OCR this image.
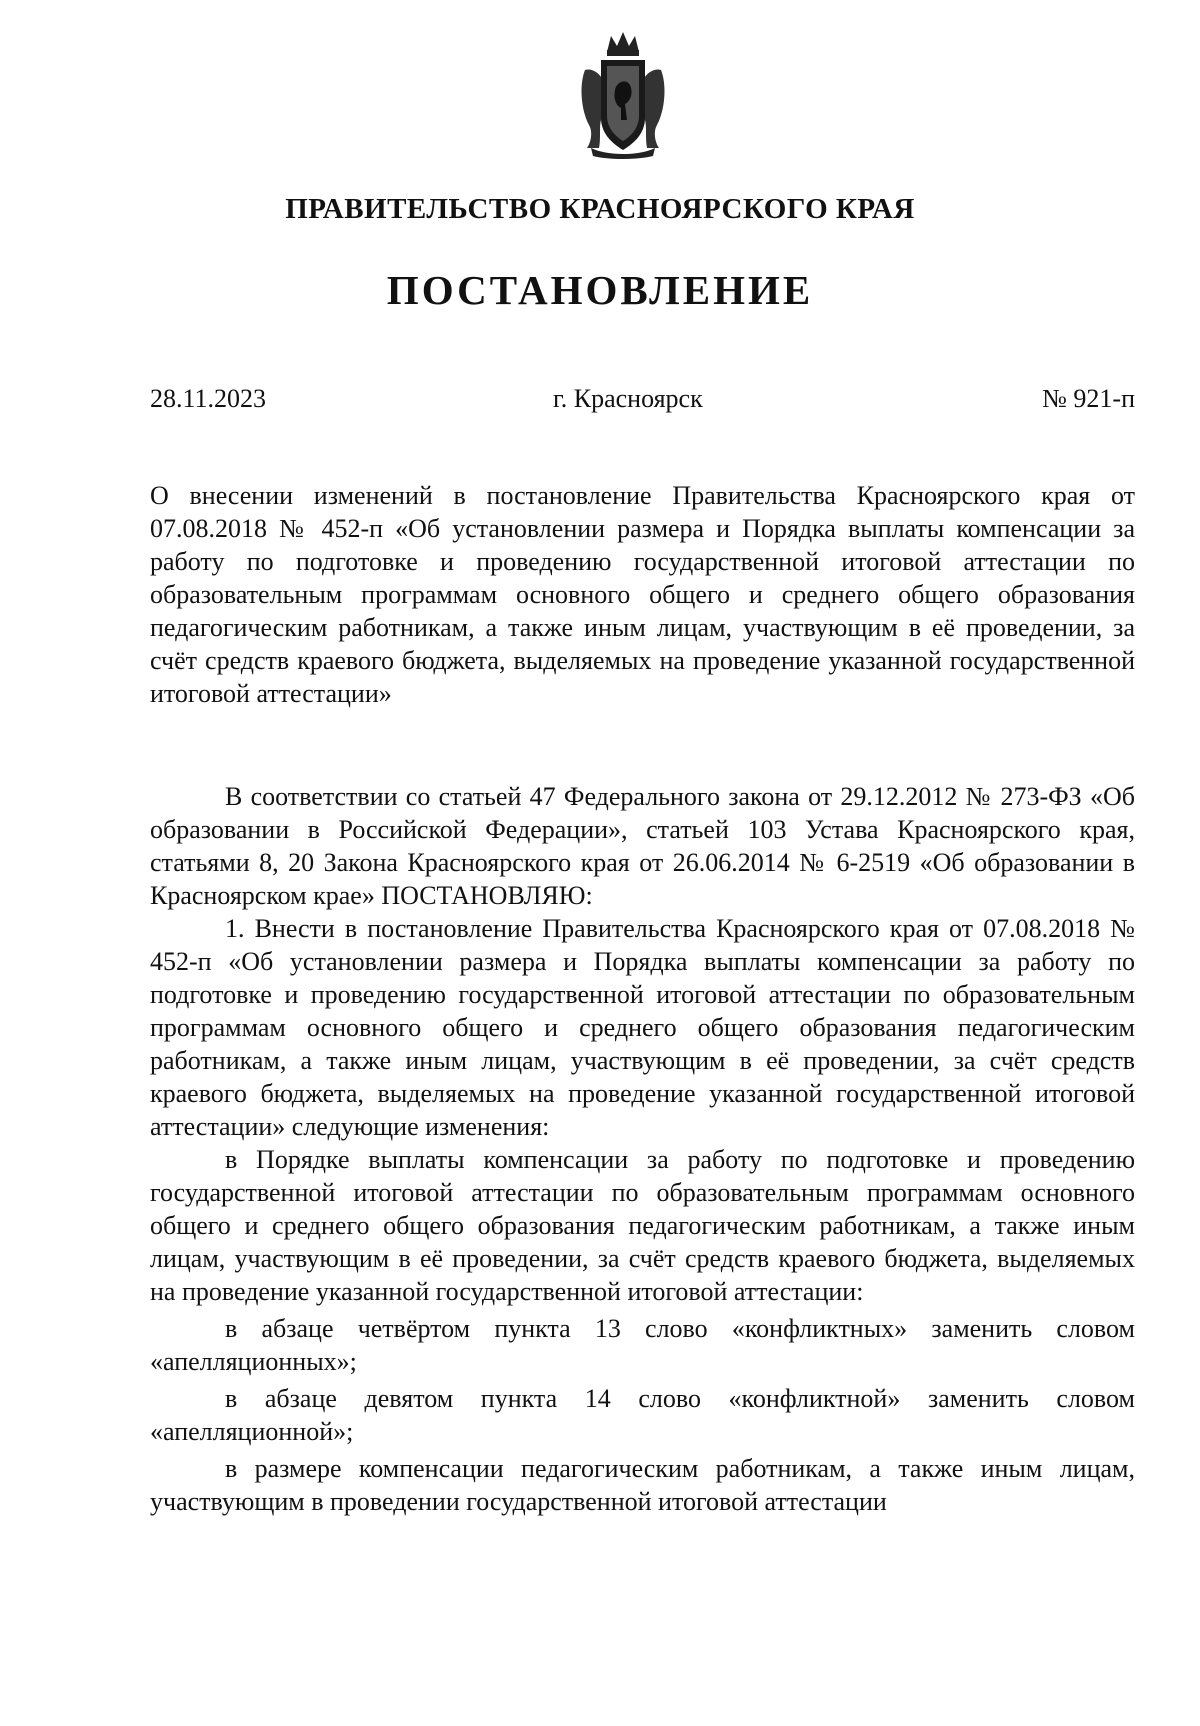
ПРАВИТЕЛЬСТВО КРАСНОЯРСКОГО КРАЯ
ПОСТАНОВЛЕНИЕ
28.11.2023	г. Красноярск	№ 921-п

О внесении изменений в постановление Правительства Красноярского края от 07.08.2018 № 452-п «Об установлении размера и Порядка выплаты компенсации за работу по подготовке и проведению государственной итоговой аттестации по образовательным программам основного общего и среднего общего образования педагогическим работникам, а также иным лицам, участвующим в её проведении, за счёт средств краевого бюджета, выделяемых на проведение указанной государственной итоговой аттестации»

В соответствии со статьей 47 Федерального закона от 29.12.2012 № 273-ФЗ «Об образовании в Российской Федерации», статьей 103 Устава Красноярского края, статьями 8, 20 Закона Красноярского края от 26.06.2014 № 6-2519 «Об образовании в Красноярском крае» ПОСТАНОВЛЯЮ:

1. Внести в постановление Правительства Красноярского края от 07.08.2018 № 452-п «Об установлении размера и Порядка выплаты компенсации за работу по подготовке и проведению государственной итоговой аттестации по образовательным программам основного общего и среднего общего образования педагогическим работникам, а также иным лицам, участвующим в её проведении, за счёт средств краевого бюджета, выделяемых на проведение указанной государственной итоговой аттестации» следующие изменения:

в Порядке выплаты компенсации за работу по подготовке и проведению государственной итоговой аттестации по образовательным программам основного общего и среднего общего образования педагогическим работникам, а также иным лицам, участвующим в её проведении, за счёт средств краевого бюджета, выделяемых на проведение указанной государственной итоговой аттестации:

в абзаце четвёртом пункта 13 слово «конфликтных» заменить словом «апелляционных»;

в абзаце девятом пункта 14 слово «конфликтной» заменить словом «апелляционной»;

в размере компенсации педагогическим работникам, а также иным лицам, участвующим в проведении государственной итоговой аттестации
